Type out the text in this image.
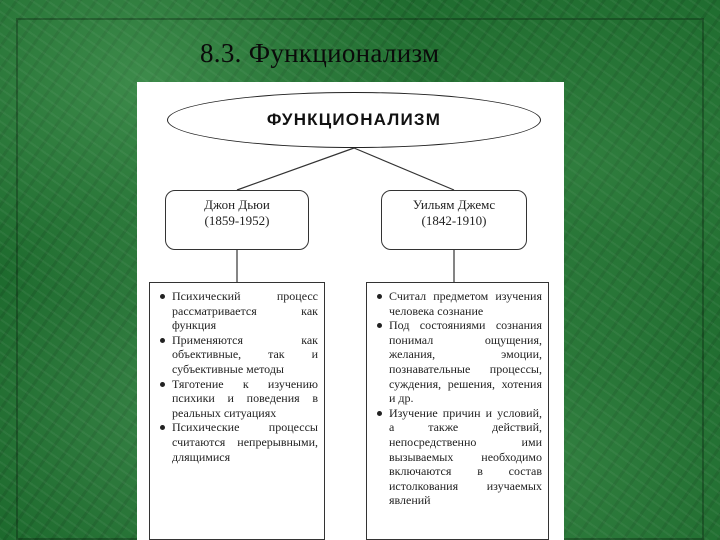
8.3. Функционализм
ФУНКЦИОНАЛИЗМ
Джон Дьюи
(1859-1952)
Уильям Джемс
(1842-1910)
Психический процесс рассматривается как функция
Применяются как объективные, так и субъективные методы
Тяготение к изучению психики и поведения в реальных ситуациях
Психические процессы считаются непрерывными, длящимися
Считал предметом изучения человека сознание
Под состояниями сознания понимал ощущения, желания, эмоции, познавательные процессы, суждения, решения, хотения и др.
Изучение причин и условий, а также действий, непосредственно ими вызываемых необходимо включаются в состав истолкования изучаемых явлений
